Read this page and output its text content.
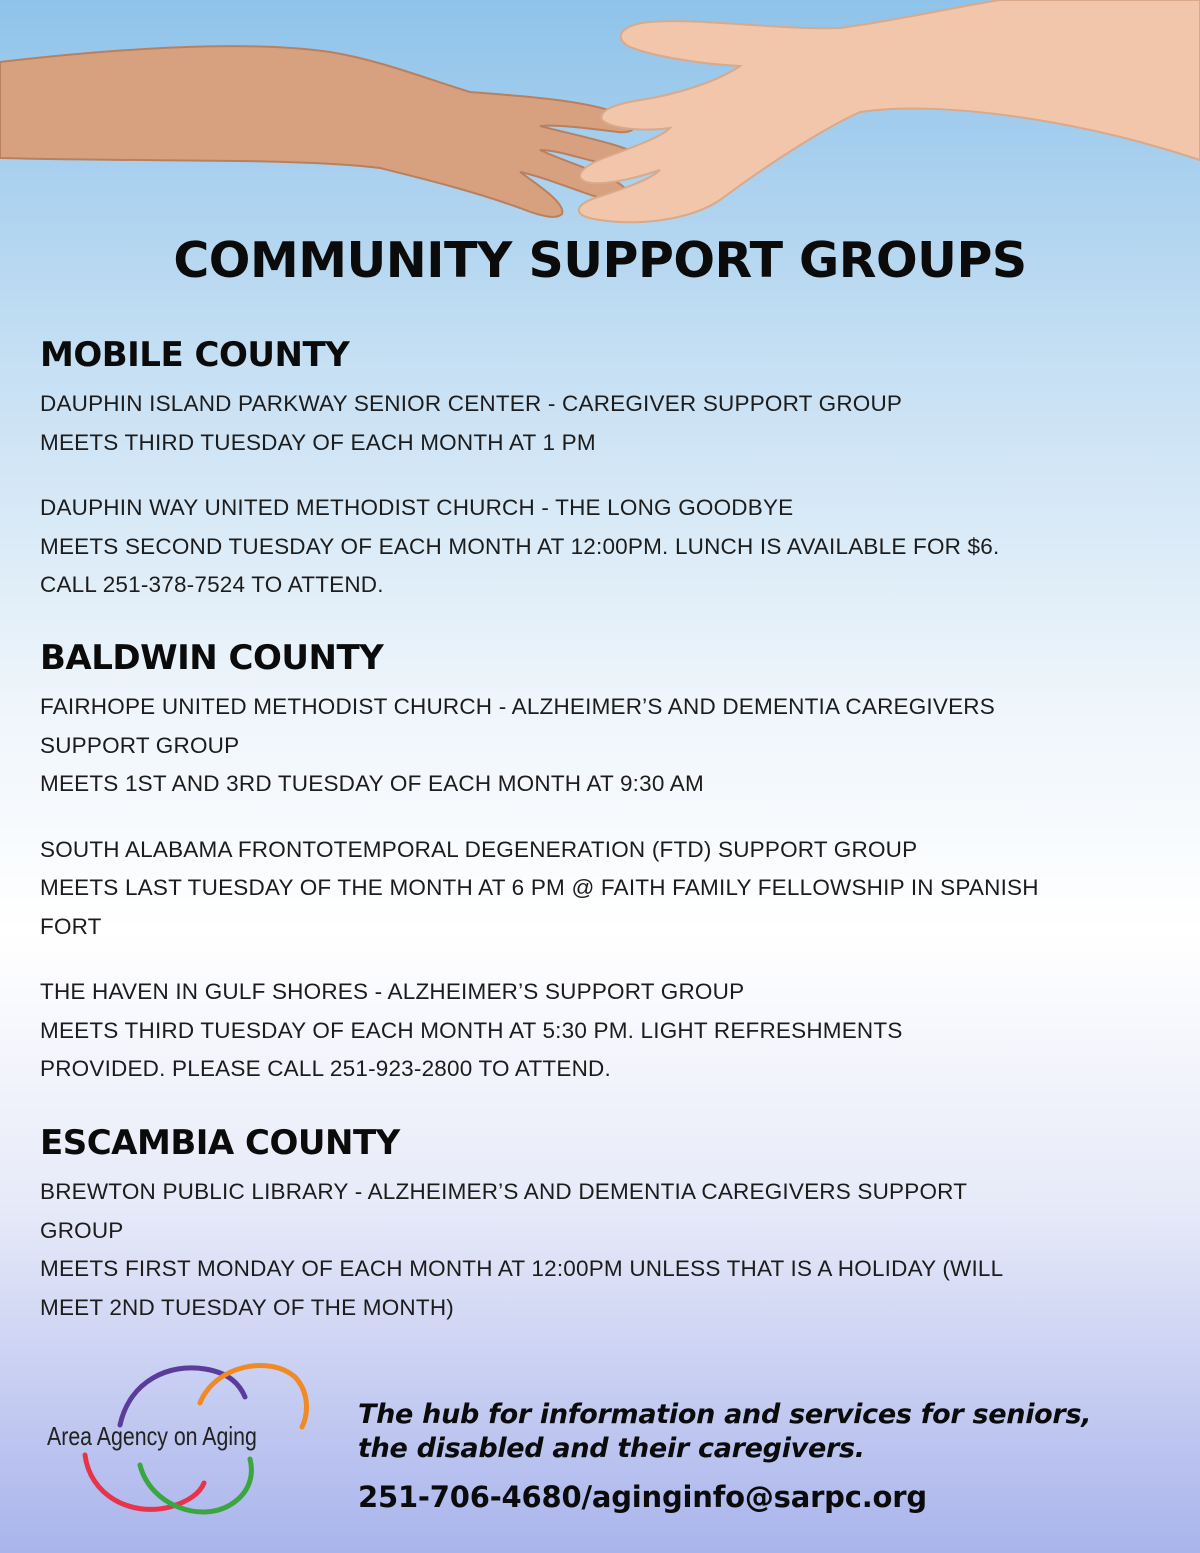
COMMUNITY SUPPORT GROUPS
MOBILE COUNTY

DAUPHIN ISLAND PARKWAY SENIOR CENTER - CAREGIVER SUPPORT GROUP

MEETS THIRD TUESDAY OF EACH MONTH AT 1 PM

DAUPHIN WAY UNITED METHODIST CHURCH - THE LONG GOODBYE

MEETS SECOND TUESDAY OF EACH MONTH AT 12:00PM. LUNCH IS AVAILABLE FOR $6.

CALL 251-378-7524 TO ATTEND.

BALDWIN COUNTY

FAIRHOPE UNITED METHODIST CHURCH - ALZHEIMER’S AND DEMENTIA CAREGIVERS

SUPPORT GROUP

MEETS 1ST AND 3RD TUESDAY OF EACH MONTH AT 9:30 AM

SOUTH ALABAMA FRONTOTEMPORAL DEGENERATION (FTD) SUPPORT GROUP

MEETS LAST TUESDAY OF THE MONTH AT 6 PM @ FAITH FAMILY FELLOWSHIP IN SPANISH

FORT

THE HAVEN IN GULF SHORES - ALZHEIMER’S SUPPORT GROUP

MEETS THIRD TUESDAY OF EACH MONTH AT 5:30 PM. LIGHT REFRESHMENTS

PROVIDED. PLEASE CALL 251-923-2800 TO ATTEND.

ESCAMBIA COUNTY

BREWTON PUBLIC LIBRARY - ALZHEIMER’S AND DEMENTIA CAREGIVERS SUPPORT

GROUP

MEETS FIRST MONDAY OF EACH MONTH AT 12:00PM UNLESS THAT IS A HOLIDAY (WILL

MEET 2ND TUESDAY OF THE MONTH)

Area Agency on Aging
The hub for information and services for seniors,
the disabled and their caregivers.
251-706-4680/aginginfo@sarpc.org
